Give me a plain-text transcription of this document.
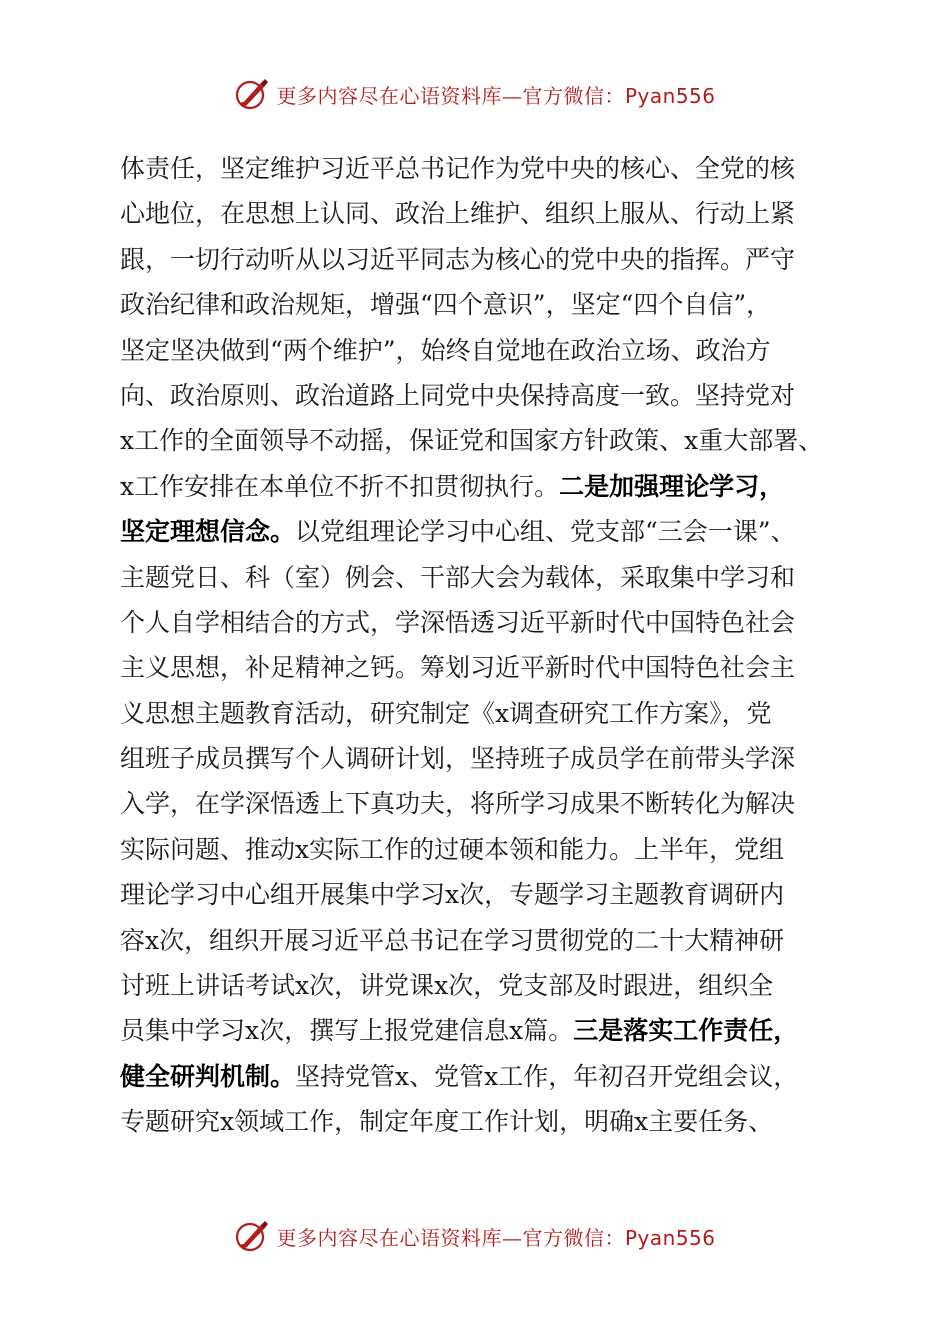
更多内容尽在心语资料库—官方微信：Pyan556
体责任，坚定维护习近平总书记作为党中央的核心、全党的核
心地位，在思想上认同、政治上维护、组织上服从、行动上紧
跟，一切行动听从以习近平同志为核心的党中央的指挥。严守
政治纪律和政治规矩，增强“四个意识”，坚定“四个自信”，
坚定坚决做到“两个维护”，始终自觉地在政治立场、政治方
向、政治原则、政治道路上同党中央保持高度一致。坚持党对
x工作的全面领导不动摇，保证党和国家方针政策、x重大部署、
x工作安排在本单位不折不扣贯彻执行。二是加强理论学习，
坚定理想信念。以党组理论学习中心组、党支部“三会一课”、
主题党日、科（室）例会、干部大会为载体，采取集中学习和
个人自学相结合的方式，学深悟透习近平新时代中国特色社会
主义思想，补足精神之钙。筹划习近平新时代中国特色社会主
义思想主题教育活动，研究制定《x调查研究工作方案》，党
组班子成员撰写个人调研计划，坚持班子成员学在前带头学深
入学，在学深悟透上下真功夫，将所学习成果不断转化为解决
实际问题、推动x实际工作的过硬本领和能力。上半年，党组
理论学习中心组开展集中学习x次，专题学习主题教育调研内
容x次，组织开展习近平总书记在学习贯彻党的二十大精神研
讨班上讲话考试x次，讲党课x次，党支部及时跟进，组织全
员集中学习x次，撰写上报党建信息x篇。三是落实工作责任，
健全研判机制。坚持党管x、党管x工作，年初召开党组会议，
专题研究x领域工作，制定年度工作计划，明确x主要任务、
更多内容尽在心语资料库—官方微信：Pyan556
